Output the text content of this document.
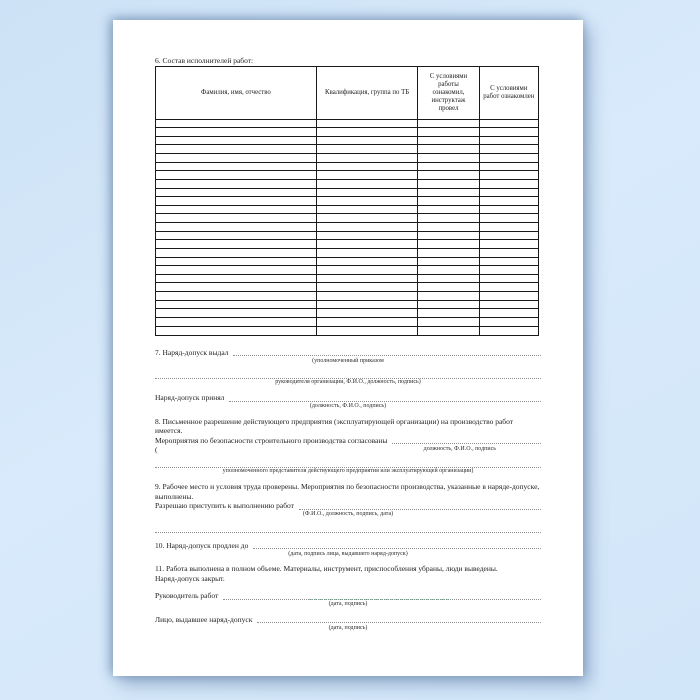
6. Состав исполнителей работ:

Фамилия, имя, отчество	Квалификация, группа по ТБ	С условиями работы ознакомил, инструктаж провел	С условиями работ ознакомлен

7. Наряд-допуск выдал
(уполномоченный приказом
руководителя организации, Ф.И.О., должность, подпись)
Наряд-допуск принял
(должность, Ф.И.О., подпись)

8. Письменное разрешение действующего предприятия (эксплуатирующей организации) на производство работ имеется.

Мероприятия по безопасности строительного производства согласованы
(	должность, Ф.И.О., подпись
уполномоченного представителя действующего предприятия или эксплуатирующей организации)

9. Рабочее место и условия труда проверены. Мероприятия по безопасности производства, указанные в наряде-допуске, выполнены.

Разрешаю приступить к выполнению работ
(Ф.И.О., должность, подпись, дата)
10. Наряд-допуск продлен до
(дата, подпись лица, выдавшего наряд-допуск)

11. Работа выполнена в полном объеме. Материалы, инструмент, приспособления убраны, люди выведены.

Наряд-допуск закрыт.

Руководитель работ
(дата, подпись)
Лицо, выдавшее наряд-допуск
(дата, подпись)
